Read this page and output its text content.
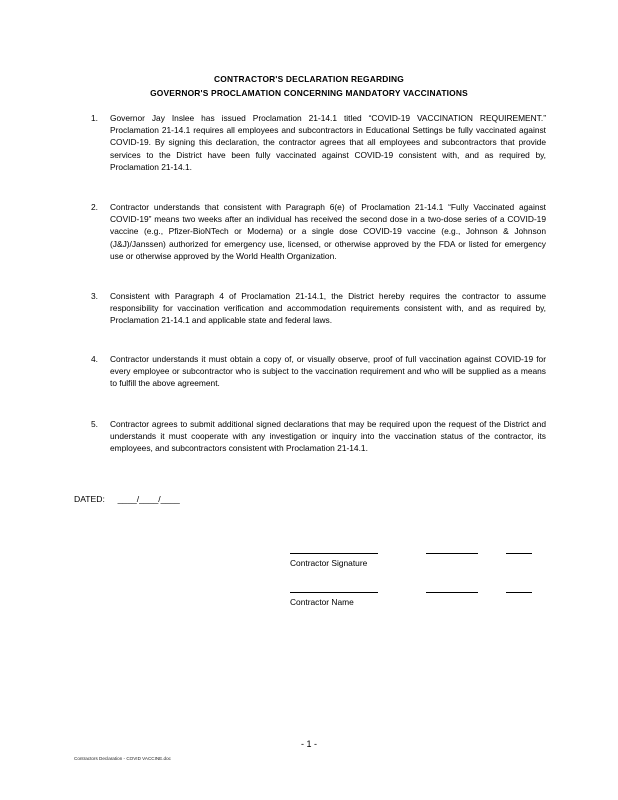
CONTRACTOR'S DECLARATION REGARDING
GOVERNOR'S PROCLAMATION CONCERNING MANDATORY VACCINATIONS
1.	Governor Jay Inslee has issued Proclamation 21-14.1 titled “COVID-19 VACCINATION REQUIREMENT.” Proclamation 21-14.1 requires all employees and subcontractors in Educational Settings be fully vaccinated against COVID-19. By signing this declaration, the contractor agrees that all employees and subcontractors that provide services to the District have been fully vaccinated against COVID-19 consistent with, and as required by, Proclamation 21-14.1.
2.	Contractor understands that consistent with Paragraph 6(e) of Proclamation 21-14.1 “Fully Vaccinated against COVID-19” means two weeks after an individual has received the second dose in a two-dose series of a COVID-19 vaccine (e.g., Pfizer-BioNTech or Moderna) or a single dose COVID-19 vaccine (e.g., Johnson & Johnson (J&J)/Janssen) authorized for emergency use, licensed, or otherwise approved by the FDA or listed for emergency use or otherwise approved by the World Health Organization.
3.	Consistent with Paragraph 4 of Proclamation 21-14.1, the District hereby requires the contractor to assume responsibility for vaccination verification and accommodation requirements consistent with, and as required by, Proclamation 21-14.1 and applicable state and federal laws.
4.	Contractor understands it must obtain a copy of, or visually observe, proof of full vaccination against COVID-19 for every employee or subcontractor who is subject to the vaccination requirement and who will be supplied as a means to fulfill the above agreement.
5.	Contractor agrees to submit additional signed declarations that may be required upon the request of the District and understands it must cooperate with any investigation or inquiry into the vaccination status of the contractor, its employees, and subcontractors consistent with Proclamation 21-14.1.
DATED: ____/____/____
Contractor Signature
Contractor Name
- 1 -
Contractors Declaration - COVID VACCINE.doc
